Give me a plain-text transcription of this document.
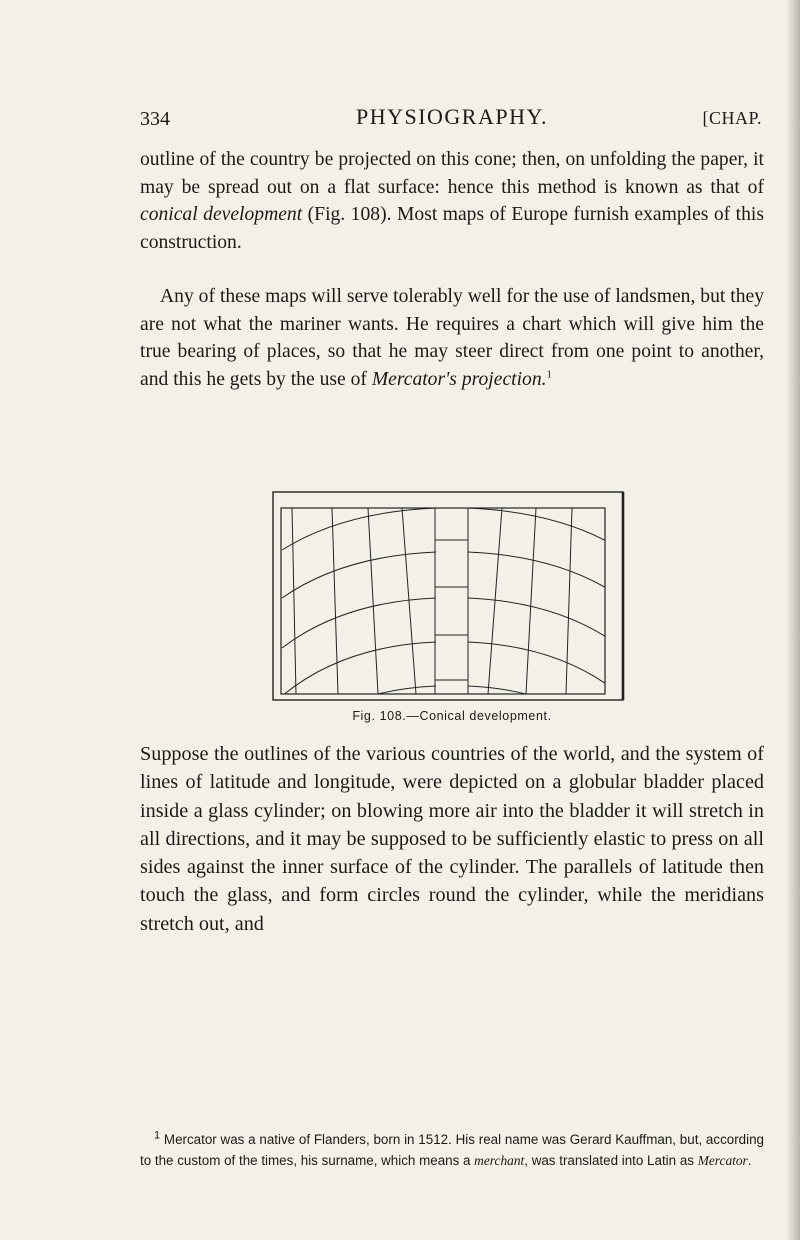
334	PHYSIOGRAPHY.	[CHAP.

outline of the country be projected on this cone; then, on unfolding the paper, it may be spread out on a flat surface: hence this method is known as that of conical development (Fig. 108). Most maps of Europe furnish examples of this construction.

Any of these maps will serve tolerably well for the use of landsmen, but they are not what the mariner wants. He requires a chart which will give him the true bearing of places, so that he may steer direct from one point to another, and this he gets by the use of Mercator's projection.$^1$

Fig. 108.—Conical development.

Suppose the outlines of the various countries of the world, and the system of lines of latitude and longitude, were depicted on a globular bladder placed inside a glass cylinder; on blowing more air into the bladder it will stretch in all directions, and it may be supposed to be sufficiently elastic to press on all sides against the inner surface of the cylinder. The parallels of latitude then touch the glass, and form circles round the cylinder, while the meridians stretch out, and

$^1$ Mercator was a native of Flanders, born in 1512. His real name was Gerard Kauffman, but, according to the custom of the times, his surname, which means a merchant, was translated into Latin as Mercator.
